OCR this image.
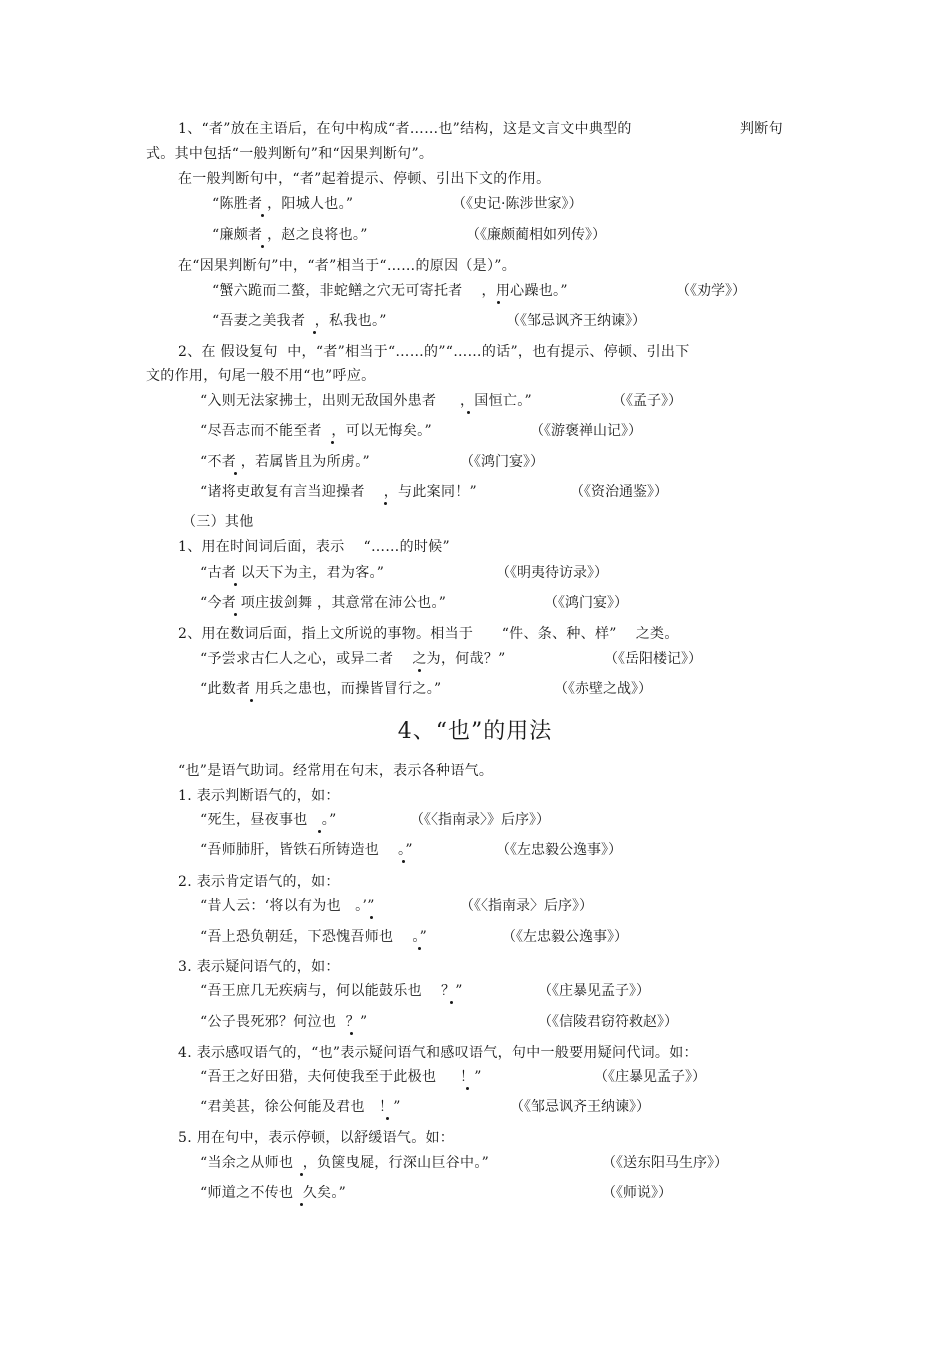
1、“者”放在主语后，在句中构成“者……也”结构，这是文言文中典型的	判断句
式。其中包括“一般判断句”和“因果判断句”。
在一般判断句中，“者”起着提示、停顿、引出下文的作用。
“陈胜者 ，阳城人也。”	（《史记·陈涉世家》）
“廉颇者 ，赵之良将也。”	（《廉颇蔺相如列传》）
在“因果判断句”中，“者”相当于“……的原因（是）”。
“蟹六跪而二螯，非蛇鳝之穴无可寄托者    ，用心躁也。”	（《劝学》）
“吾妻之美我者  ，私我也。”	（《邹忌讽齐王纳谏》）
2、在 假设复句  中，“者”相当于“……的”“……的话”，也有提示、停顿、引出下
文的作用，句尾一般不用“也”呼应。
“入则无法家拂士，出则无敌国外患者     ，国恒亡。”	（《孟子》）
“尽吾志而不能至者  ，可以无悔矣。”	（《游褒禅山记》）
“不者 ，若属皆且为所虏。”	（《鸿门宴》）
“诸将吏敢复有言当迎操者    ，与此案同！”	（《资治通鉴》）
（三）其他
1、用在时间词后面，表示    “……的时候”
“古者 以天下为主，君为客。”	（《明夷待访录》）
“今者 项庄拔剑舞 ，其意常在沛公也。”	（《鸿门宴》）
2、用在数词后面，指上文所说的事物。相当于      “件、条、种、样”    之类。
“予尝求古仁人之心，或异二者    之为，何哉？”	（《岳阳楼记》）
“此数者 用兵之患也，而操皆冒行之。”	（《赤壁之战》）
4、“也”的用法
“也”是语气助词。经常用在句末，表示各种语气。
1. 表示判断语气的，如：
“死生，昼夜事也   。”	（《〈指南录〉》后序》）
“吾师肺肝，皆铁石所铸造也    。”	（《左忠毅公逸事》）
2. 表示肯定语气的，如：
“昔人云：‘将以有为也   。’”	（《〈指南录〉后序》）
“吾上恐负朝廷，下恐愧吾师也    。”	（《左忠毅公逸事》）
3. 表示疑问语气的，如：
“吾王庶几无疾病与，何以能鼓乐也    ？”	（《庄暴见孟子》）
“公子畏死邪？何泣也  ？”	（《信陵君窃符救赵》）
4. 表示感叹语气的，“也”表示疑问语气和感叹语气，句中一般要用疑问代词。如：
“吾王之好田猎，夫何使我至于此极也     ！”	（《庄暴见孟子》）
“君美甚，徐公何能及君也   ！”	（《邹忌讽齐王纳谏》）
5. 用在句中，表示停顿，以舒缓语气。如：
“当余之从师也  ，负箧曳屣，行深山巨谷中。”	（《送东阳马生序》）
“师道之不传也  久矣。”	（《师说》）
